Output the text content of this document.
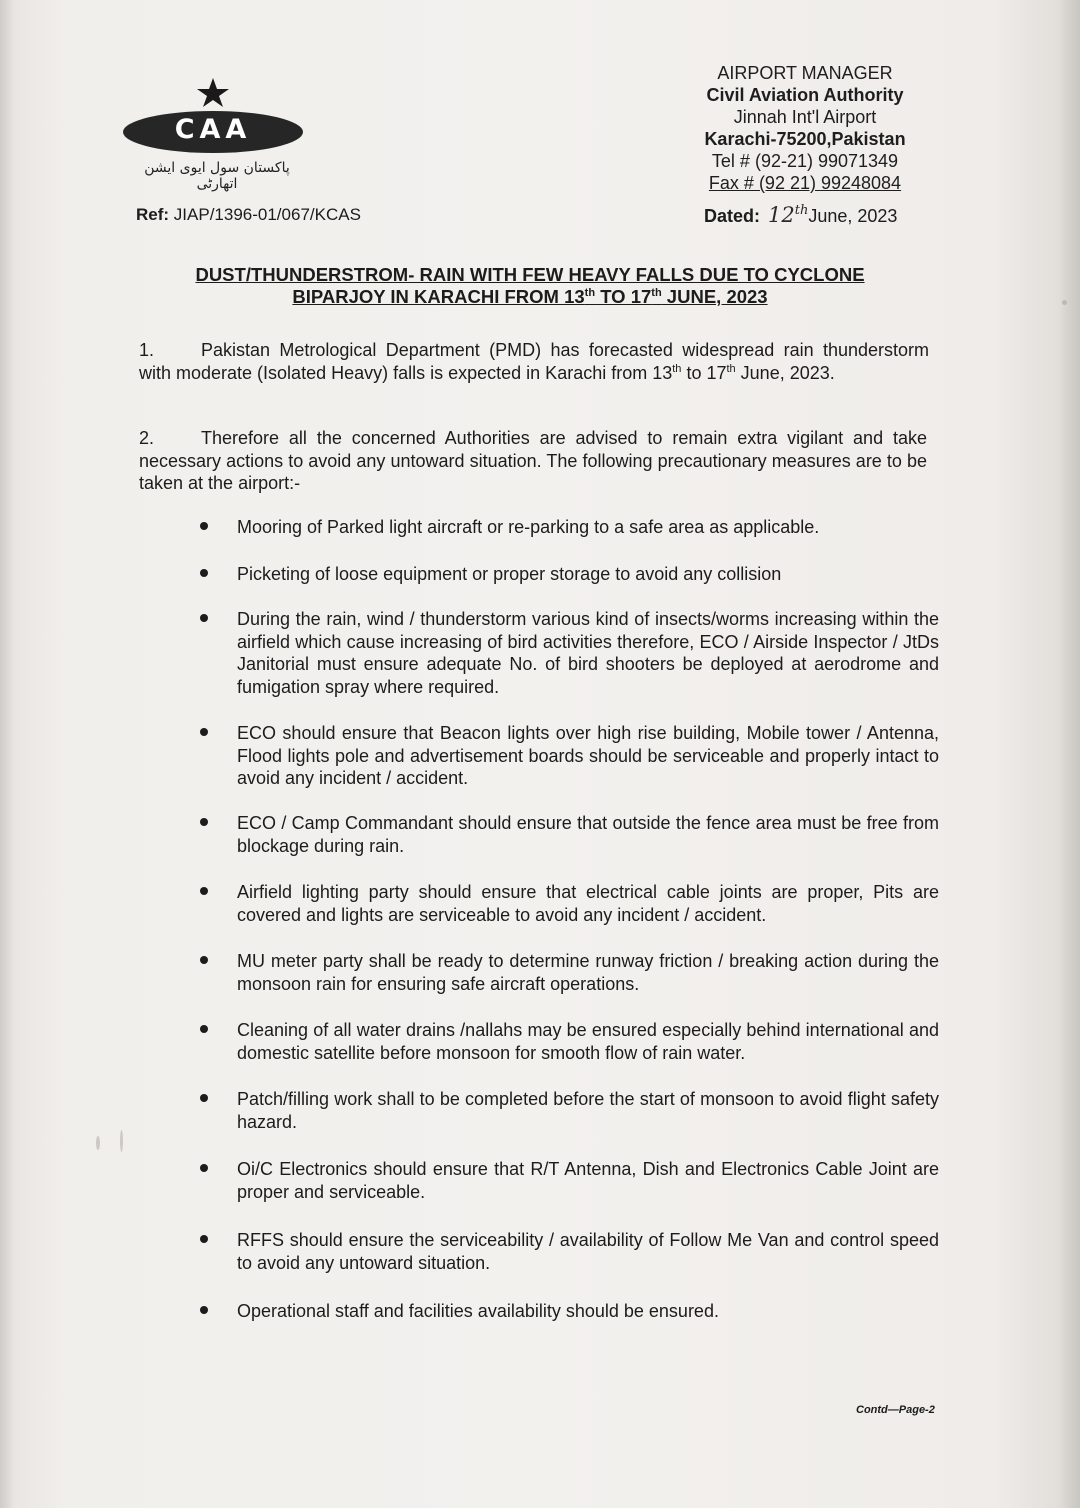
CAA
پاکستان سول ایوی ایشن اتھارٹی
AIRPORT MANAGER
Civil Aviation Authority
Jinnah Int'l Airport
Karachi-75200,Pakistan
Tel # (92-21) 99071349
Fax # (92 21) 99248084
Ref: JIAP/1396-01/067/KCAS	Dated: 12thJune, 2023
DUST/THUNDERSTROM- RAIN WITH FEW HEAVY FALLS DUE TO CYCLONE
BIPARJOY IN KARACHI FROM 13th TO 17th JUNE, 2023
1.	Pakistan Metrological Department (PMD) has forecasted widespread rain thunderstorm with moderate (Isolated Heavy) falls is expected in Karachi from 13th to 17th June, 2023.
2.	Therefore all the concerned Authorities are advised to remain extra vigilant and take necessary actions to avoid any untoward situation. The following precautionary measures are to be taken at the airport:-
Mooring of Parked light aircraft or re-parking to a safe area as applicable.
Picketing of loose equipment or proper storage to avoid any collision
During the rain, wind / thunderstorm various kind of insects/worms increasing within the airfield which cause increasing of bird activities therefore, ECO / Airside Inspector / JtDs Janitorial must ensure adequate No. of bird shooters be deployed at aerodrome and fumigation spray where required.
ECO should ensure that Beacon lights over high rise building, Mobile tower / Antenna, Flood lights pole and advertisement boards should be serviceable and properly intact to avoid any incident / accident.
ECO / Camp Commandant should ensure that outside the fence area must be free from blockage during rain.
Airfield lighting party should ensure that electrical cable joints are proper, Pits are covered and lights are serviceable to avoid any incident / accident.
MU meter party shall be ready to determine runway friction / breaking action during the monsoon rain for ensuring safe aircraft operations.
Cleaning of all water drains /nallahs may be ensured especially behind international and domestic satellite before monsoon for smooth flow of rain water.
Patch/filling work shall to be completed before the start of monsoon to avoid flight safety hazard.
Oi/C Electronics should ensure that R/T Antenna, Dish and Electronics Cable Joint are proper and serviceable.
RFFS should ensure the serviceability / availability of Follow Me Van and control speed to avoid any untoward situation.
Operational staff and facilities availability should be ensured.
Contd—Page-2
